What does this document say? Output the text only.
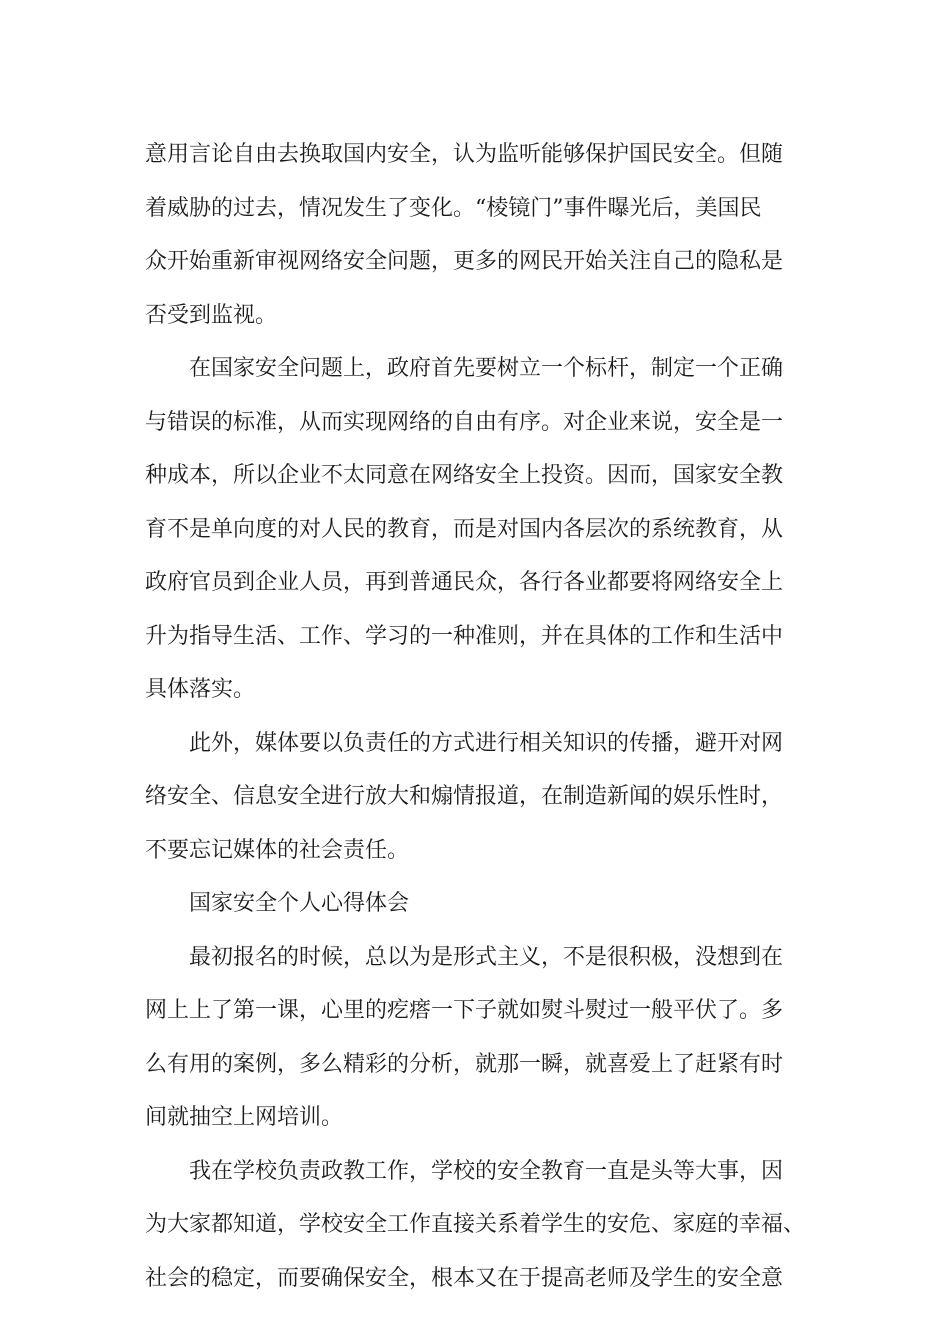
意用言论自由去换取国内安全，认为监听能够保护国民安全。但随
着威胁的过去，情况发生了变化。“棱镜门”事件曝光后，美国民
众开始重新审视网络安全问题，更多的网民开始关注自己的隐私是
否受到监视。
在国家安全问题上，政府首先要树立一个标杆，制定一个正确
与错误的标准，从而实现网络的自由有序。对企业来说，安全是一
种成本，所以企业不太同意在网络安全上投资。因而，国家安全教
育不是单向度的对人民的教育，而是对国内各层次的系统教育，从
政府官员到企业人员，再到普通民众，各行各业都要将网络安全上
升为指导生活、工作、学习的一种准则，并在具体的工作和生活中
具体落实。
此外，媒体要以负责任的方式进行相关知识的传播，避开对网
络安全、信息安全进行放大和煽情报道，在制造新闻的娱乐性时，
不要忘记媒体的社会责任。
国家安全个人心得体会
最初报名的时候，总以为是形式主义，不是很积极，没想到在
网上上了第一课，心里的疙瘩一下子就如熨斗熨过一般平伏了。多
么有用的案例，多么精彩的分析，就那一瞬，就喜爱上了赶紧有时
间就抽空上网培训。
我在学校负责政教工作，学校的安全教育一直是头等大事，因
为大家都知道，学校安全工作直接关系着学生的安危、家庭的幸福、
社会的稳定，而要确保安全，根本又在于提高老师及学生的安全意
